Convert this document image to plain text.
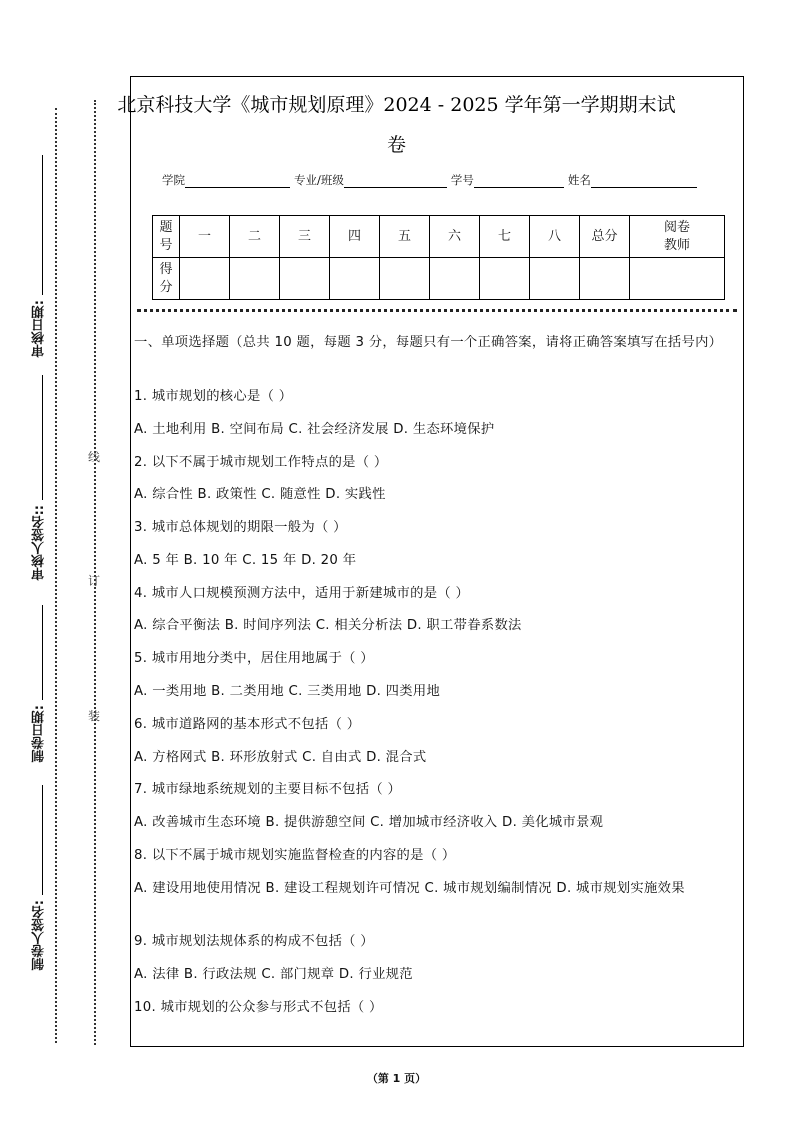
审核日期:
审核人签名::
制卷日期:
制卷人签名:
线
订
装
北京科技大学《城市规划原理》2024 - 2025 学年第一学期期末试
卷
学院	专业/班级	学号	姓名
题号	一	二	三	四	五	六	七	八	总分	阅卷教师

得分										

一、单项选择题（总共 10 题，每题 3 分，每题只有一个正确答案，请将正确答案填写在括号内）
1. 城市规划的核心是（ ）
A. 土地利用 B. 空间布局 C. 社会经济发展 D. 生态环境保护
2. 以下不属于城市规划工作特点的是（ ）
A. 综合性 B. 政策性 C. 随意性 D. 实践性
3. 城市总体规划的期限一般为（ ）
A. 5 年 B. 10 年 C. 15 年 D. 20 年
4. 城市人口规模预测方法中，适用于新建城市的是（ ）
A. 综合平衡法 B. 时间序列法 C. 相关分析法 D. 职工带眷系数法
5. 城市用地分类中，居住用地属于（ ）
A. 一类用地 B. 二类用地 C. 三类用地 D. 四类用地
6. 城市道路网的基本形式不包括（ ）
A. 方格网式 B. 环形放射式 C. 自由式 D. 混合式
7. 城市绿地系统规划的主要目标不包括（ ）
A. 改善城市生态环境 B. 提供游憩空间 C. 增加城市经济收入 D. 美化城市景观
8. 以下不属于城市规划实施监督检查的内容的是（ ）
A. 建设用地使用情况 B. 建设工程规划许可情况 C. 城市规划编制情况 D. 城市规划实施效果
9. 城市规划法规体系的构成不包括（ ）
A. 法律 B. 行政法规 C. 部门规章 D. 行业规范
10. 城市规划的公众参与形式不包括（ ）
（第 1 页）
